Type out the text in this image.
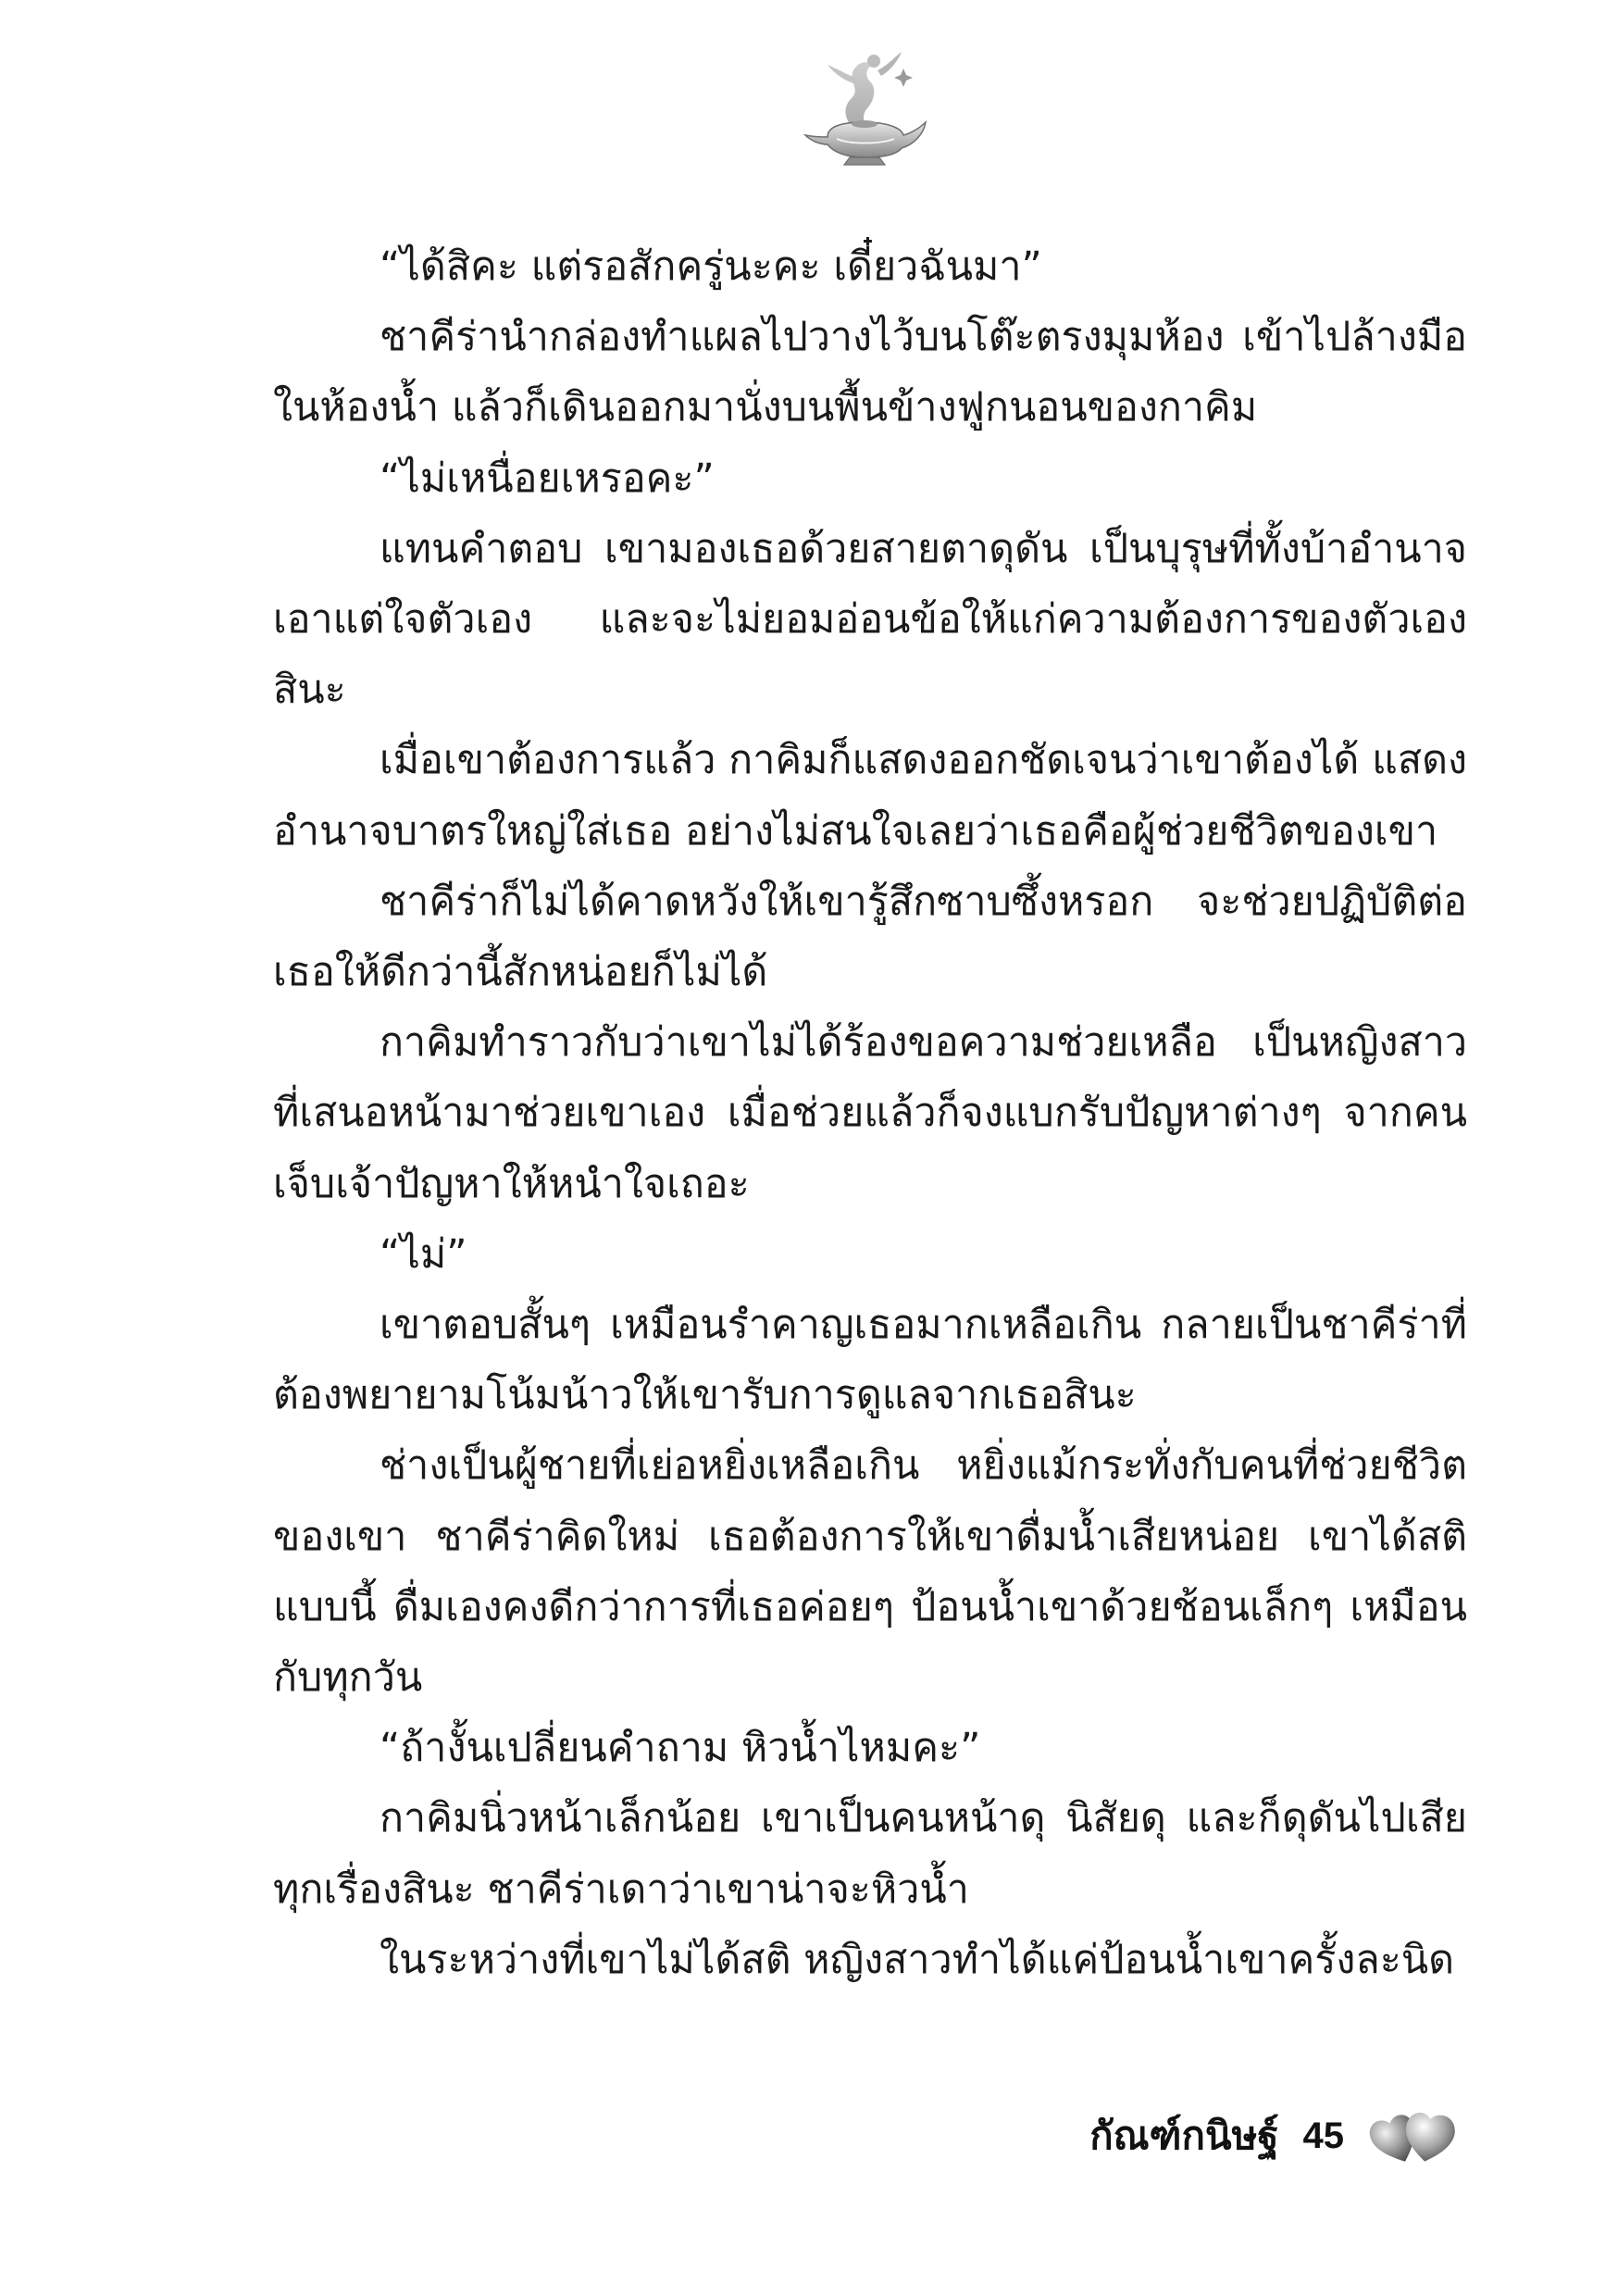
“ได้สิคะ แต่รอสักครู่นะคะ เดี๋ยวฉันมา”

ชาคีร่านำกล่องทำแผลไปวางไว้บนโต๊ะตรงมุมห้อง เข้าไปล้างมือในห้องน้ำ แล้วก็เดินออกมานั่งบนพื้นข้างฟูกนอนของกาคิม

“ไม่เหนื่อยเหรอคะ”

แทนคำตอบ เขามองเธอด้วยสายตาดุดัน เป็นบุรุษที่ทั้งบ้าอำนาจเอาแต่ใจตัวเอง และจะไม่ยอมอ่อนข้อให้แก่ความต้องการของตัวเองสินะ

เมื่อเขาต้องการแล้ว กาคิมก็แสดงออกชัดเจนว่าเขาต้องได้ แสดงอำนาจบาตรใหญ่ใส่เธอ อย่างไม่สนใจเลยว่าเธอคือผู้ช่วยชีวิตของเขา

ชาคีร่าก็ไม่ได้คาดหวังให้เขารู้สึกซาบซึ้งหรอก จะช่วยปฏิบัติต่อเธอให้ดีกว่านี้สักหน่อยก็ไม่ได้

กาคิมทำราวกับว่าเขาไม่ได้ร้องขอความช่วยเหลือ เป็นหญิงสาวที่เสนอหน้ามาช่วยเขาเอง เมื่อช่วยแล้วก็จงแบกรับปัญหาต่างๆ จากคนเจ็บเจ้าปัญหาให้หนำใจเถอะ

“ไม่”

เขาตอบสั้นๆ เหมือนรำคาญเธอมากเหลือเกิน กลายเป็นชาคีร่าที่ต้องพยายามโน้มน้าวให้เขารับการดูแลจากเธอสินะ

ช่างเป็นผู้ชายที่เย่อหยิ่งเหลือเกิน หยิ่งแม้กระทั่งกับคนที่ช่วยชีวิตของเขา ชาคีร่าคิดใหม่ เธอต้องการให้เขาดื่มน้ำเสียหน่อย เขาได้สติแบบนี้ ดื่มเองคงดีกว่าการที่เธอค่อยๆ ป้อนน้ำเขาด้วยช้อนเล็กๆ เหมือนกับทุกวัน

“ถ้างั้นเปลี่ยนคำถาม หิวน้ำไหมคะ”

กาคิมนิ่วหน้าเล็กน้อย เขาเป็นคนหน้าดุ นิสัยดุ และก็ดุดันไปเสียทุกเรื่องสินะ ชาคีร่าเดาว่าเขาน่าจะหิวน้ำ

ในระหว่างที่เขาไม่ได้สติ หญิงสาวทำได้แค่ป้อนน้ำเขาครั้งละนิด

กัณฑ์กนิษฐ์ 45
